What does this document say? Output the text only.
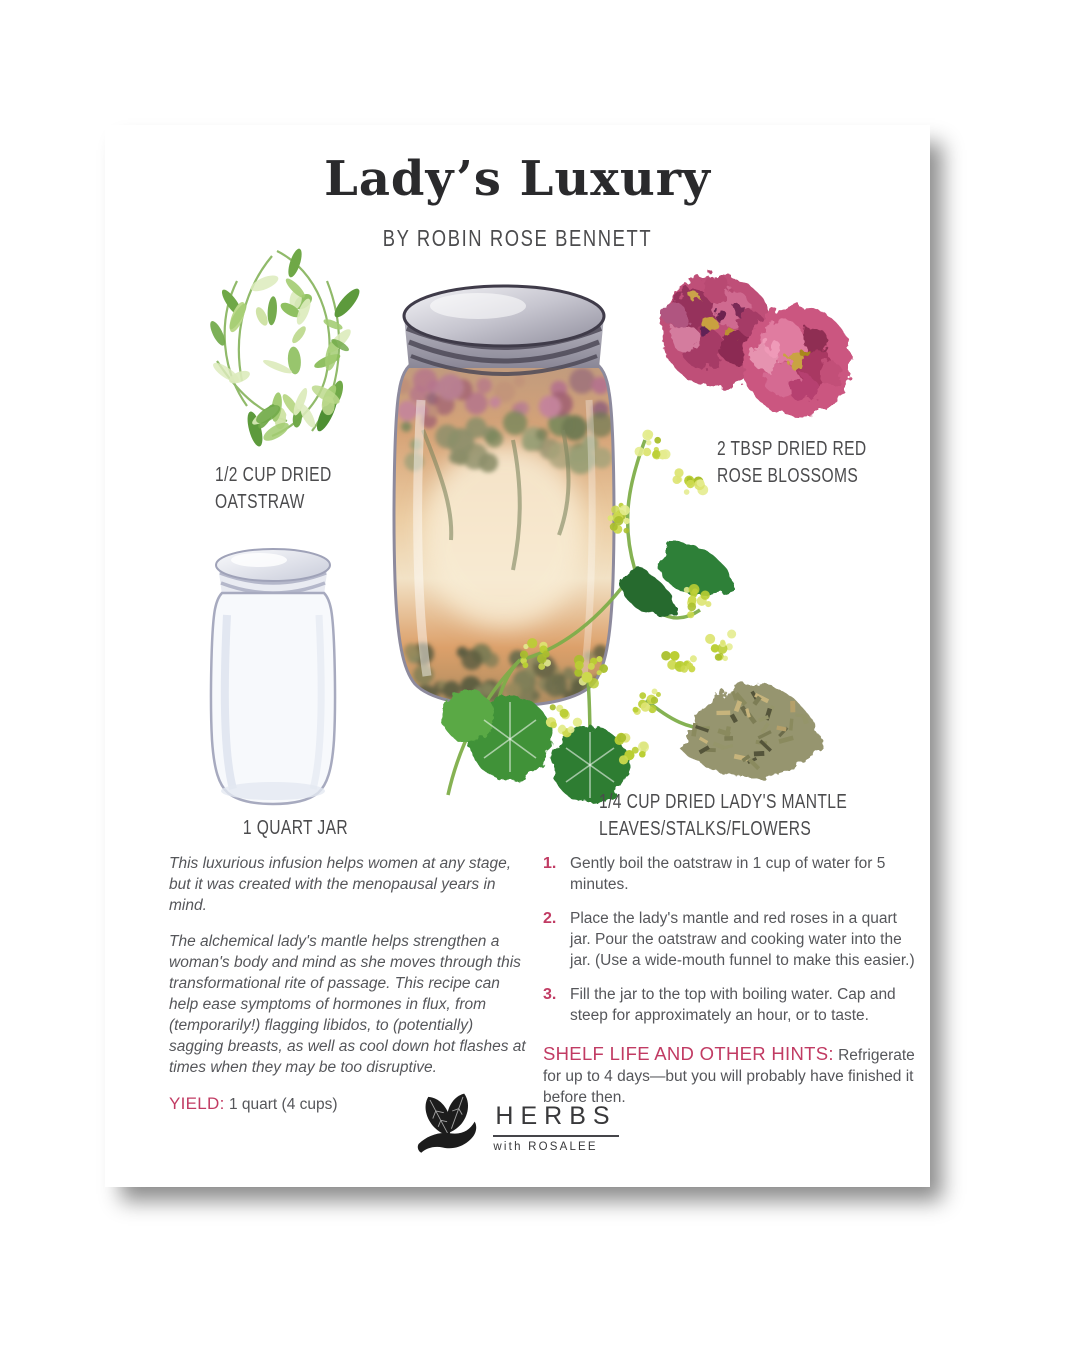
Lady’s Luxury
BY ROBIN ROSE BENNETT
1/2 CUP DRIED
OATSTRAW
2 TBSP DRIED RED
ROSE BLOSSOMS
1/4 CUP DRIED LADY'S MANTLE
LEAVES/STALKS/FLOWERS
1 QUART JAR

This luxurious infusion helps women at any stage, but it was created with the menopausal years in mind.

The alchemical lady's mantle helps strengthen a woman's body and mind as she moves through this transformational rite of passage. This recipe can help ease symptoms of hormones in flux, from (temporarily!) flagging libidos, to (potentially) sagging breasts, as well as cool down hot flashes at times when they may be too disruptive.

YIELD: 1 quart (4 cups)

1. Gently boil the oatstraw in 1 cup of water for 5 minutes.
2. Place the lady's mantle and red roses in a quart jar. Pour the oatstraw and cooking water into the jar. (Use a wide-mouth funnel to make this easier.)
3. Fill the jar to the top with boiling water. Cap and steep for approximately an hour, or to taste.

SHELF LIFE AND OTHER HINTS: Refrigerate for up to 4 days—but you will probably have finished it before then.

HERBS
with ROSALEE
